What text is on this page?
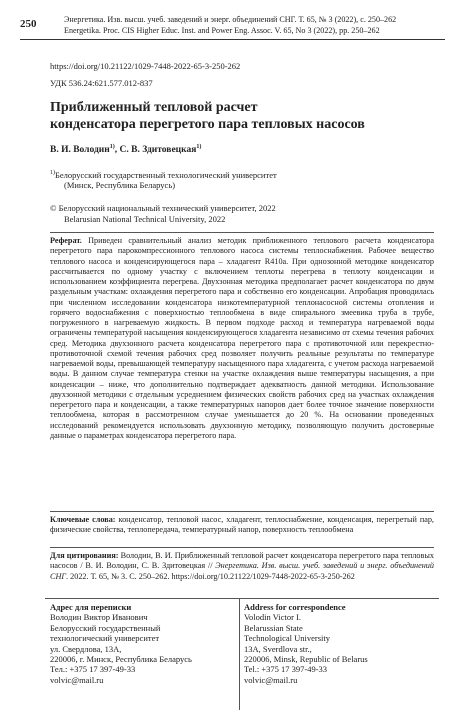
250	Энергетика. Изв. высш. учеб. заведений и энерг. объединений СНГ. Т. 65, № 3 (2022), с. 250–262
Energetika. Proc. CIS Higher Educ. Inst. and Power Eng. Assoc. V. 65, No 3 (2022), pp. 250–262
https://doi.org/10.21122/1029-7448-2022-65-3-250-262
УДК 536.24:621.577.012-837
Приближенный тепловой расчет
конденсатора перегретого пара тепловых насосов
В. И. Володин$^{1)}$, С. В. Здитовецкая$^{1)}$
$^{1)}$Белорусский государственный технологический университет
(Минск, Республика Беларусь)
© Белорусский национальный технический университет, 2022
Belarusian National Technical University, 2022
Реферат. Приведен сравнительный анализ методик приближенного теплового расчета конденсатора перегретого пара парокомпрессионного теплового насоса системы теплоснабжения. Рабочее вещество теплового насоса и конденсирующегося пара – хладагент R410a. При однозонной методике конденсатор рассчитывается по одному участку с включением теплоты перегрева в теплоту конденсации и использованием коэффициента перегрева. Двухзонная методика предполагает расчет конденсатора по двум раздельным участкам: охлаждения перегретого пара и собственно его конденсации. Апробация проводилась при численном исследовании конденсатора низкотемпературной теплонасосной системы отопления и горячего водоснабжения с поверхностью теплообмена в виде спирального змеевика труба в трубе, погруженного в нагреваемую жидкость. В первом подходе расход и температура нагреваемой воды ограничены температурой насыщения конденсирующегося хладагента независимо от схемы течения рабочих сред. Методика двухзонного расчета конденсатора перегретого пара с противоточной или перекрестно-противоточной схемой течения рабочих сред позволяет получить реальные результаты по температуре нагреваемой воды, превышающей температуру насыщенного пара хладагента, с учетом расхода нагреваемой воды. В данном случае температура стенки на участке охлаждения выше температуры насыщения, а при конденсации – ниже, что дополнительно подтверждает адекватность данной методики. Использование двухзонной методики с отдельным усреднением физических свойств рабочих сред на участках охлаждения перегретого пара и конденсации, а также температурных напоров дает более точное значение поверхности теплообмена, которая в рассмотренном случае уменьшается до 20 %. На основании проведенных исследований рекомендуется использовать двухзонную методику, позволяющую получить достоверные данные о параметрах конденсатора перегретого пара.
Ключевые слова: конденсатор, тепловой насос, хладагент, теплоснабжение, конденсация, перегретый пар, физические свойства, теплопередача, температурный напор, поверхность теплообмена
Для цитирования: Володин, В. И. Приближенный тепловой расчет конденсатора перегретого пара тепловых насосов / В. И. Володин, С. В. Здитовецкая // Энергетика. Изв. высш. учеб. заведений и энерг. объединений СНГ. 2022. Т. 65, № 3. С. 250–262. https://doi.org/10.21122/1029-7448-2022-65-3-250-262
Адрес для переписки
Володин Виктор Иванович
Белорусский государственный
технологический университет
ул. Свердлова, 13А,
220006, г. Минск, Республика Беларусь
Тел.: +375 17 397-49-33
volvic@mail.ru
Address for correspondence
Volodin Victor I.
Belarussian State
Technological University
13А, Sverdlova str.,
220006, Minsk, Republic of Belarus
Tel.: +375 17 397-49-33
volvic@mail.ru
